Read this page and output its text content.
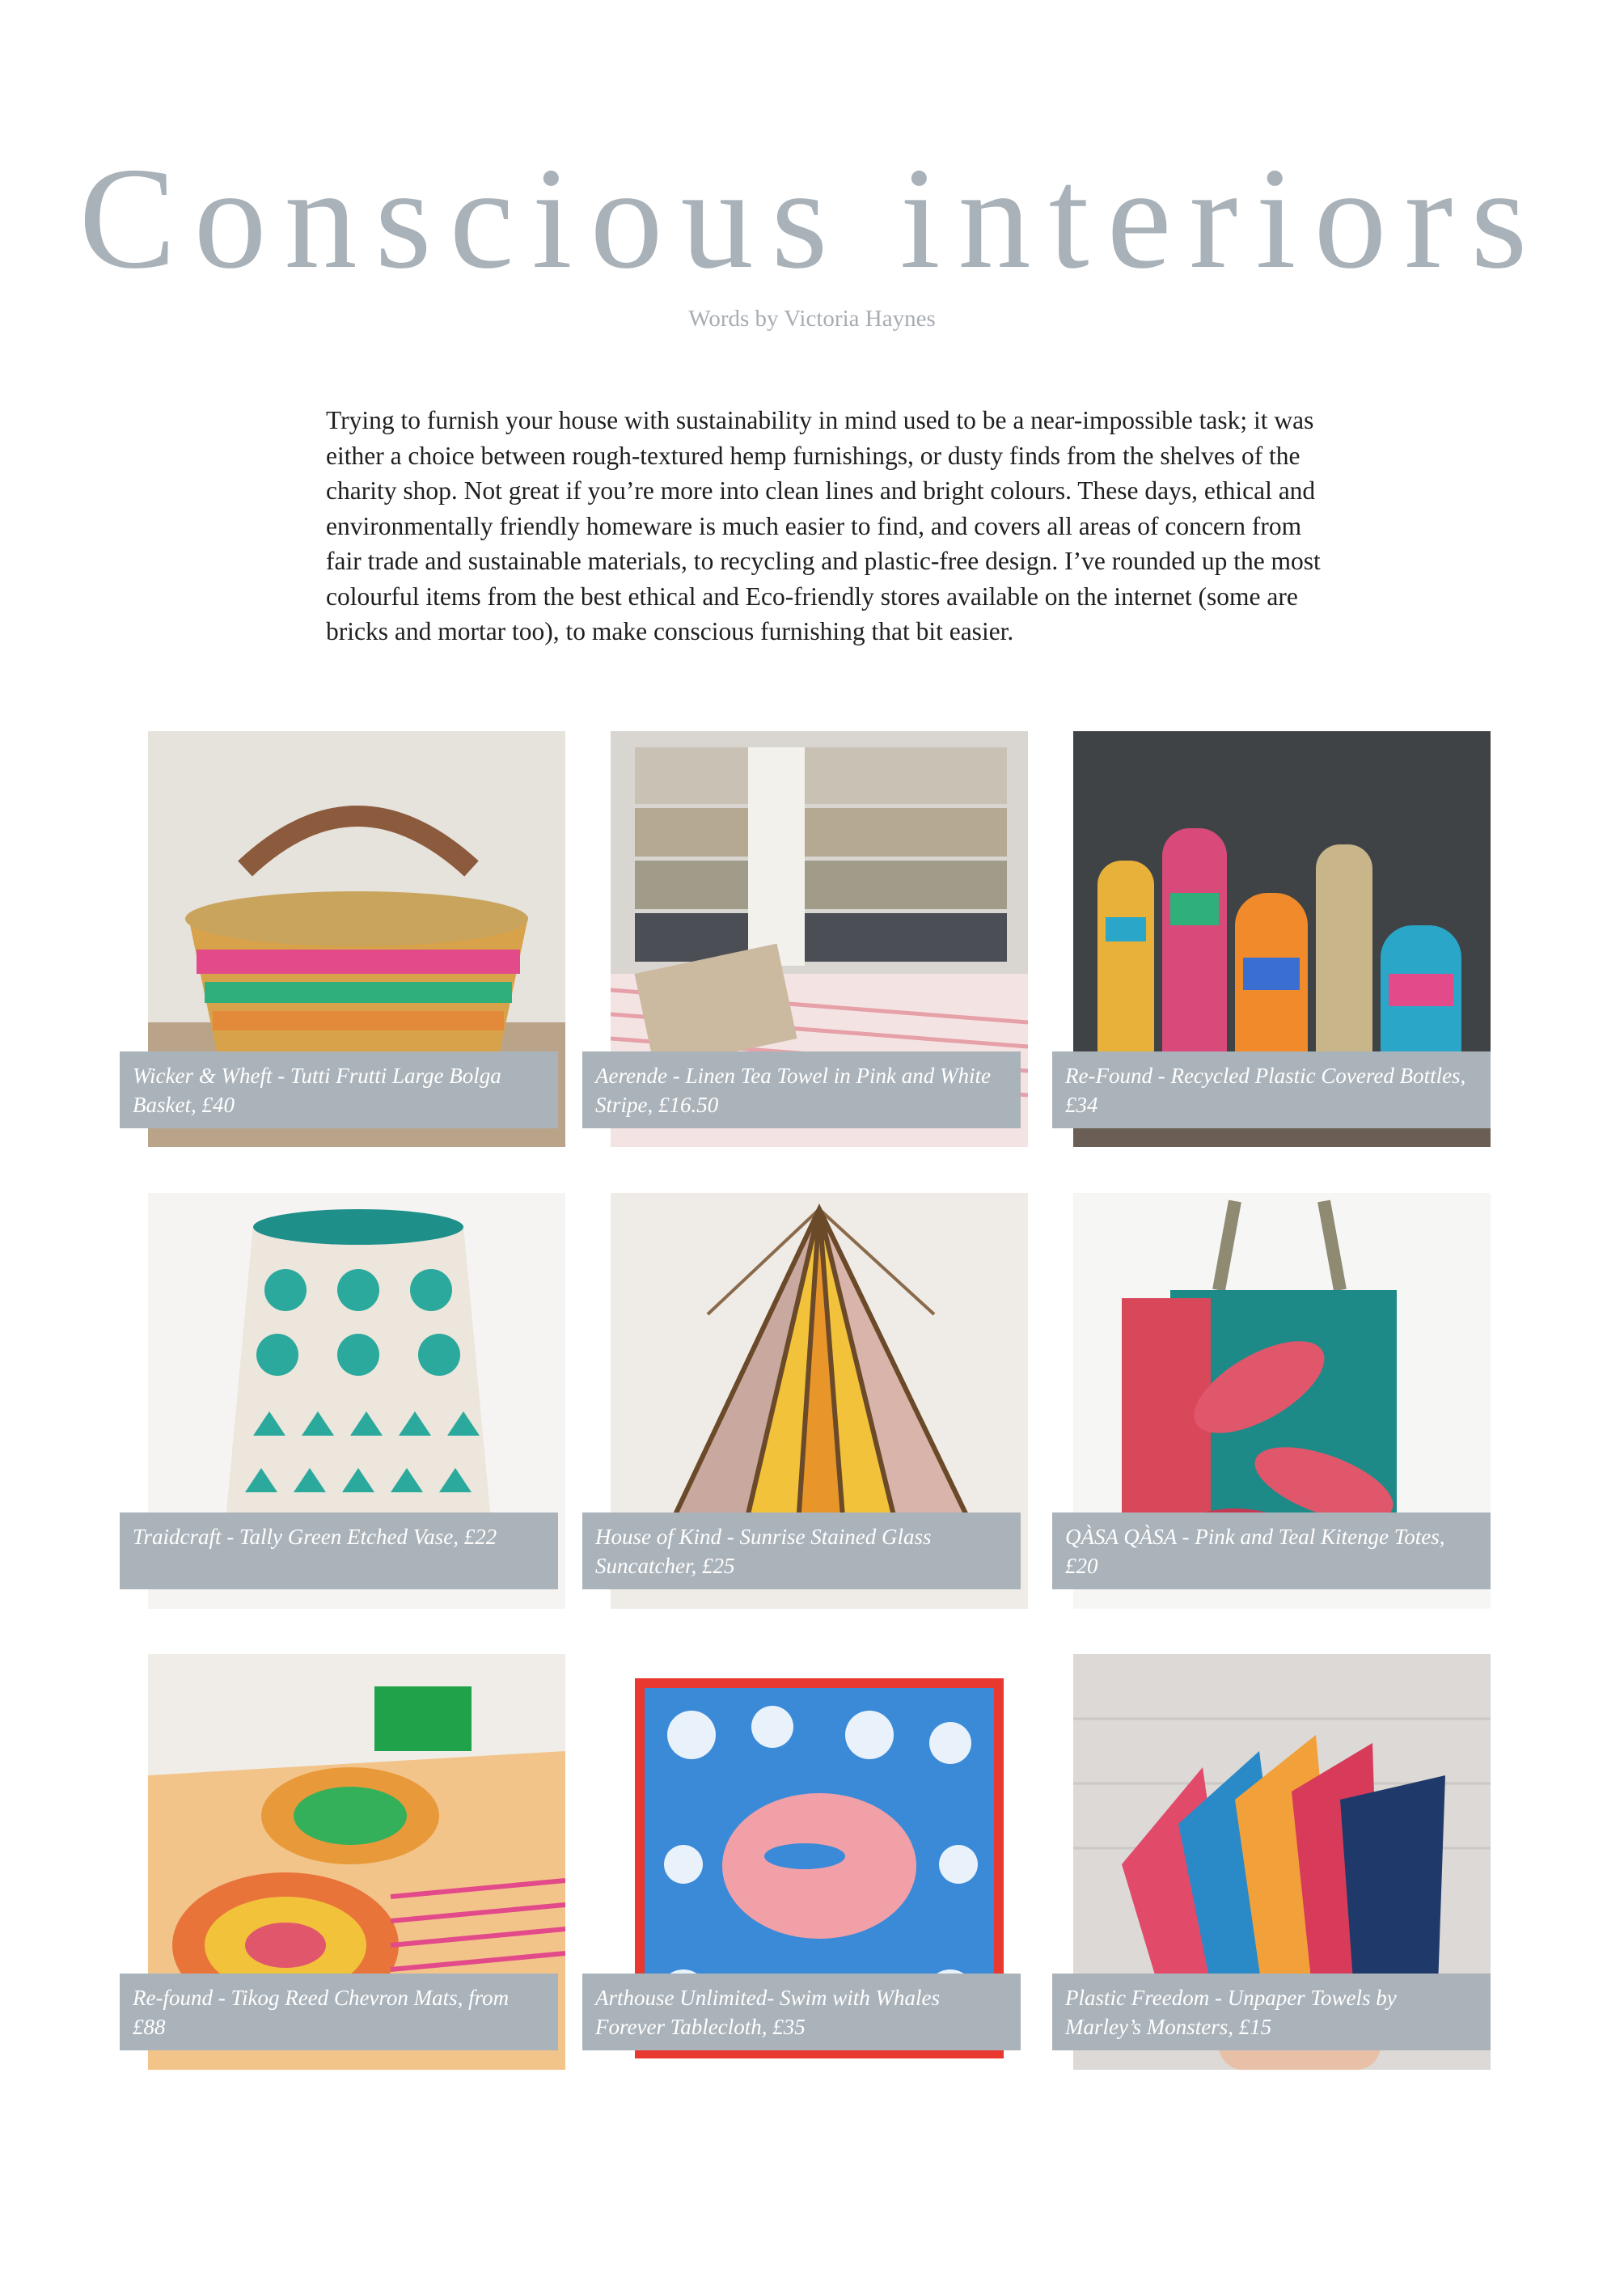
Conscious interiors
Words by Victoria Haynes

Trying to furnish your house with sustainability in mind used to be a near-impossible task; it was either a choice between rough-textured hemp furnishings, or dusty finds from the shelves of the charity shop. Not great if you’re more into clean lines and bright colours. These days, ethical and environmentally friendly homeware is much easier to find, and covers all areas of concern from fair trade and sustainable materials, to recycling and plastic-free design. I’ve rounded up the most colourful items from the best ethical and Eco-friendly stores available on the internet (some are bricks and mortar too), to make conscious furnishing that bit easier.

Wicker & Wheft - Tutti Frutti Large Bolga Basket, £40
Aerende - Linen Tea Towel in Pink and White Stripe, £16.50
Re-Found - Recycled Plastic Covered Bottles, £34
Traidcraft - Tally Green Etched Vase, £22	House of Kind - Sunrise Stained Glass Suncatcher, £25
QÀSA QÀSA - Pink and Teal Kitenge Totes, £20
Re-found - Tikog Reed Chevron Mats, from £88
Arthouse Unlimited- Swim with Whales Forever Tablecloth, £35
Plastic Freedom - Unpaper Towels by Marley’s Monsters, £15
